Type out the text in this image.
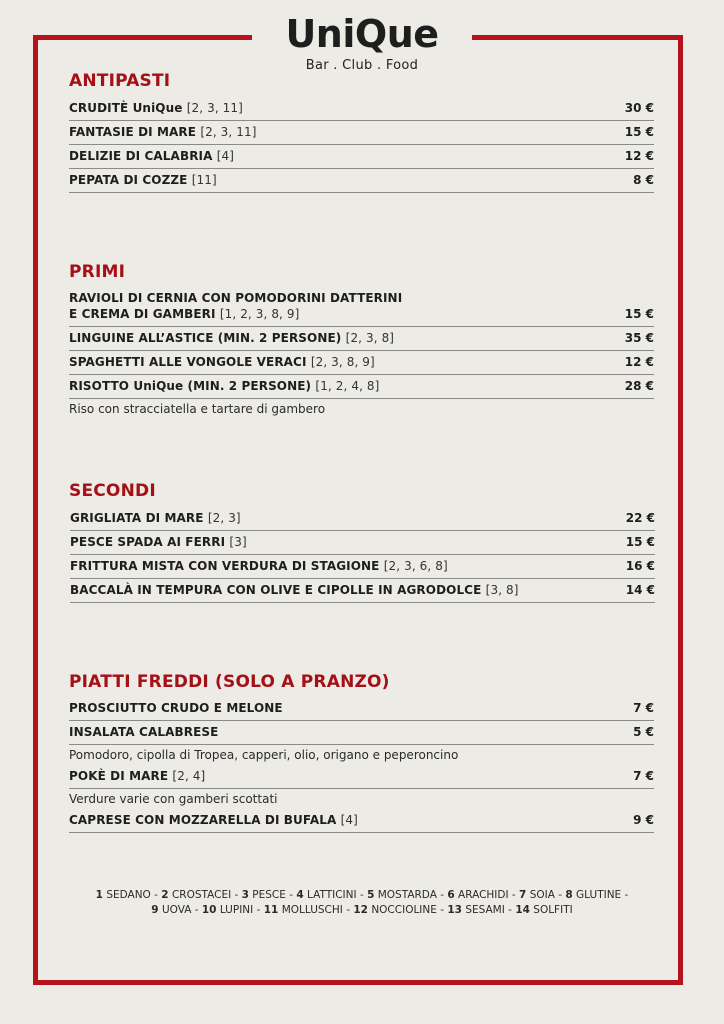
UniQue
Bar . Club . Food
ANTIPASTI
CRUDITÈ UniQue [2, 3, 11]	30 €
FANTASIE DI MARE [2, 3, 11]	15 €
DELIZIE DI CALABRIA [4]	12 €
PEPATA DI COZZE [11]	8 €
PRIMI
RAVIOLI DI CERNIA CON POMODORINI DATTERINI
E CREMA DI GAMBERI [1, 2, 3, 8, 9]	15 €
LINGUINE ALL’ASTICE (MIN. 2 PERSONE) [2, 3, 8]	35 €
SPAGHETTI ALLE VONGOLE VERACI [2, 3, 8, 9]	12 €
RISOTTO UniQue (MIN. 2 PERSONE) [1, 2, 4, 8]	28 €
Riso con stracciatella e tartare di gambero
SECONDI
GRIGLIATA DI MARE [2, 3]	22 €
PESCE SPADA AI FERRI [3]	15 €
FRITTURA MISTA CON VERDURA DI STAGIONE [2, 3, 6, 8]	16 €
BACCALÀ IN TEMPURA CON OLIVE E CIPOLLE IN AGRODOLCE [3, 8]	14 €
PIATTI FREDDI (SOLO A PRANZO)
PROSCIUTTO CRUDO E MELONE	7 €
INSALATA CALABRESE	5 €
Pomodoro, cipolla di Tropea, capperi, olio, origano e peperoncino
POKÈ DI MARE [2, 4]	7 €
Verdure varie con gamberi scottati
CAPRESE CON MOZZARELLA DI BUFALA [4]	9 €
1 SEDANO - 2 CROSTACEI - 3 PESCE - 4 LATTICINI - 5 MOSTARDA - 6 ARACHIDI - 7 SOIA - 8 GLUTINE -
9 UOVA - 10 LUPINI - 11 MOLLUSCHI - 12 NOCCIOLINE - 13 SESAMI - 14 SOLFITI
